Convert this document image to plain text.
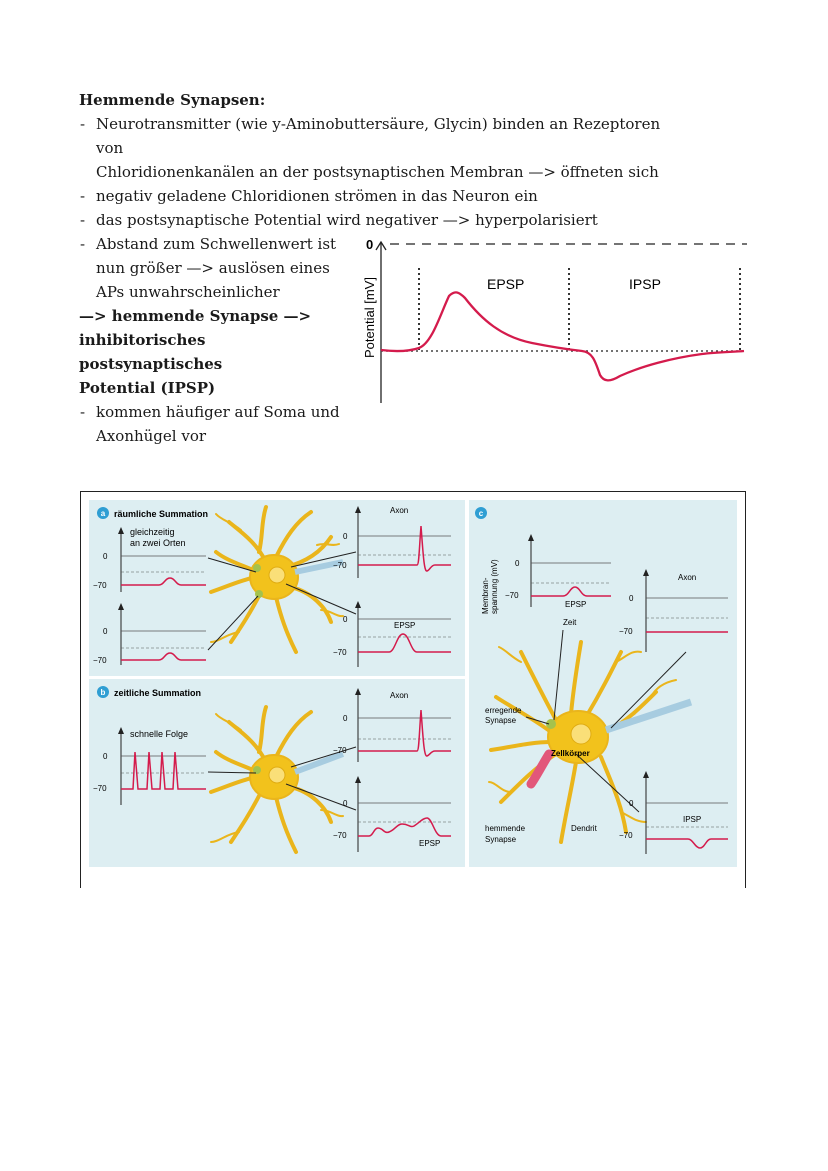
Hemmende Synapsen:
- Neurotransmitter (wie y-Aminobuttersäure, Glycin) binden an Rezeptoren von
Chloridionenkanälen an der postsynaptischen Membran —> öffneten sich
- negativ geladene Chloridionen strömen in das Neuron ein
- das postsynaptische Potential wird negativer —> hyperpolarisiert
- Abstand zum Schwellenwert ist
nun größer —> auslösen eines
APs unwahrscheinlicher
—> hemmende Synapse —>
inhibitorisches postsynaptisches
Potential (IPSP)
- kommen häufiger auf Soma und
Axonhügel vor
0
Potential [mV]	EPSP	IPSP
a räumliche Summation
gleichzeitig
an zwei Orten
0
−70
0
−70
Axon
0
−70
EPSP
0
−70
b zeitliche Summation
schnelle Folge
0
−70
Axon
0
−70
EPSP
0
−70
c
Membran- spannung (mV)	EPSP
0
−70
Zeit
Axon
0
−70
erregende
Synapse
Zellkörper
hemmende
Synapse
Dendrit
IPSP
0
−70
